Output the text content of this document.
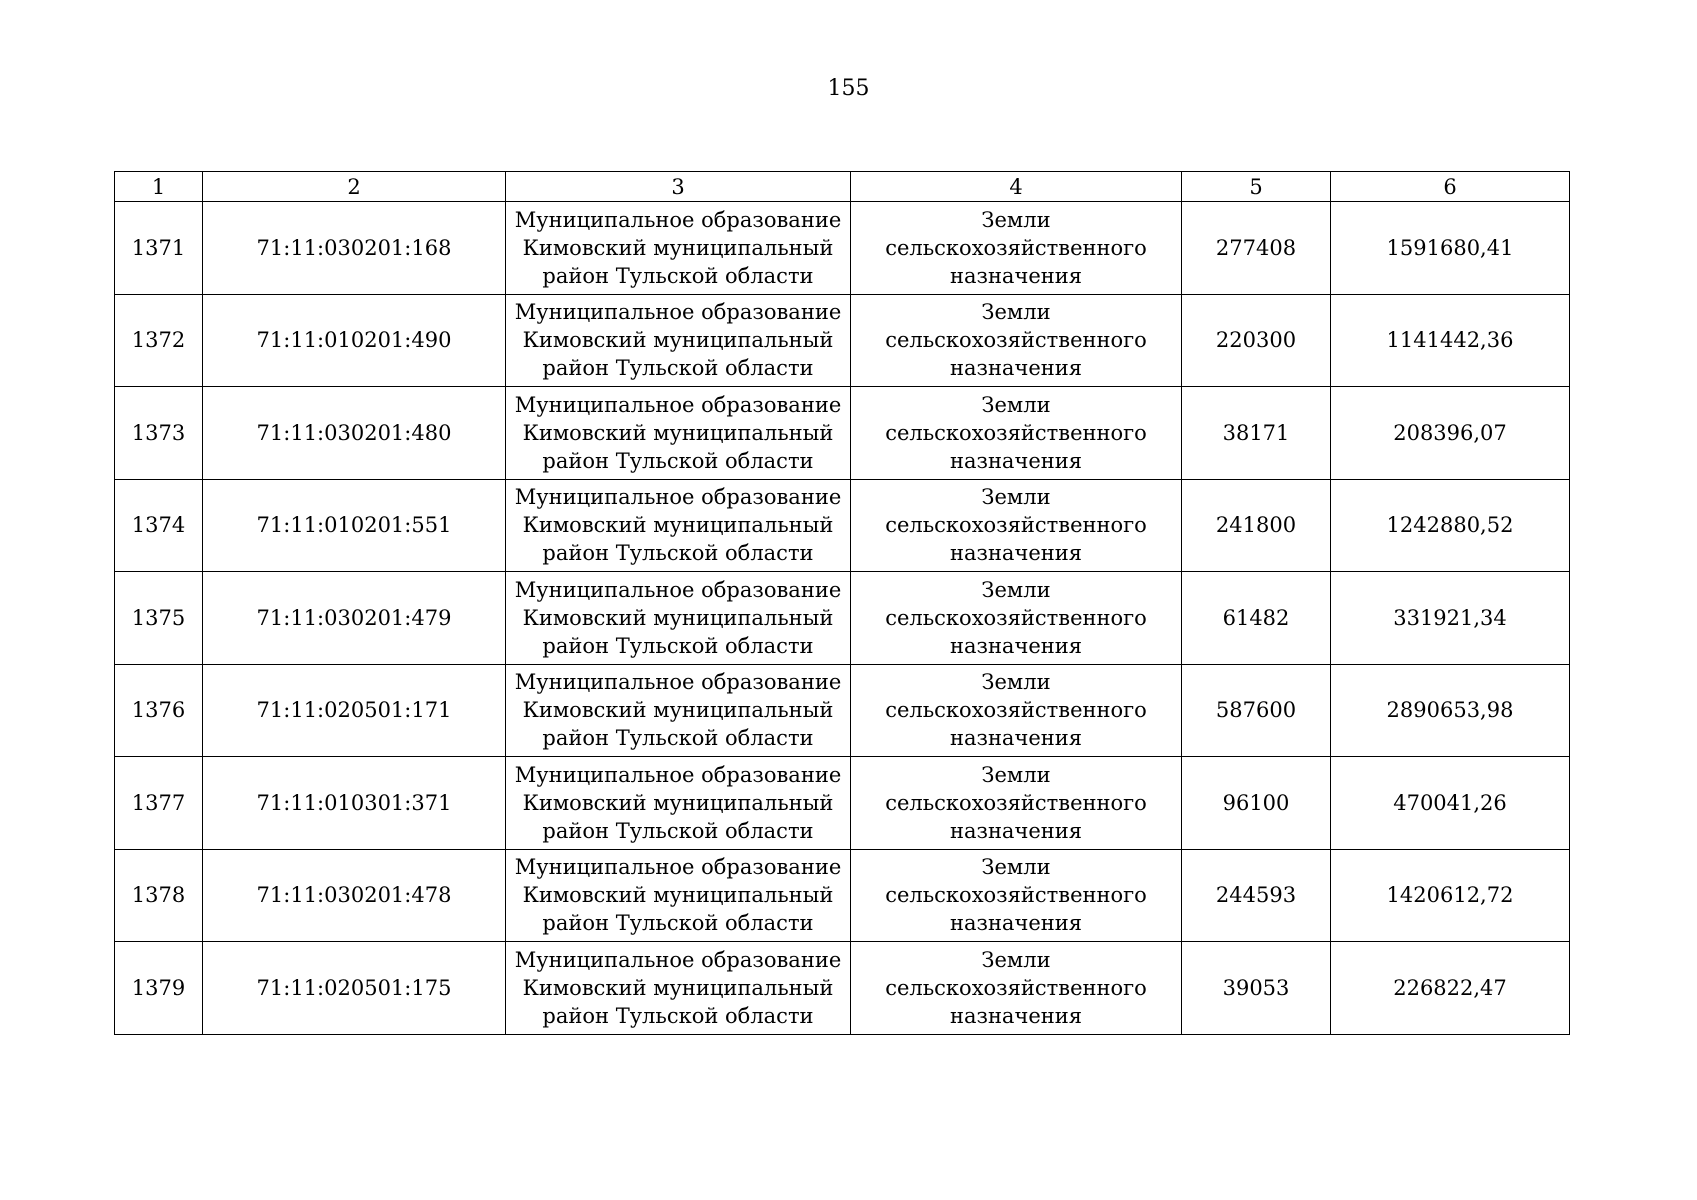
155
1	2	3	4	5	6
1371	71:11:030201:168	Муниципальное образование
Кимовский муниципальный
район Тульской области	Земли
сельскохозяйственного
назначения	277408	1591680,41
1372	71:11:010201:490	Муниципальное образование
Кимовский муниципальный
район Тульской области	Земли
сельскохозяйственного
назначения	220300	1141442,36
1373	71:11:030201:480	Муниципальное образование
Кимовский муниципальный
район Тульской области	Земли
сельскохозяйственного
назначения	38171	208396,07
1374	71:11:010201:551	Муниципальное образование
Кимовский муниципальный
район Тульской области	Земли
сельскохозяйственного
назначения	241800	1242880,52
1375	71:11:030201:479	Муниципальное образование
Кимовский муниципальный
район Тульской области	Земли
сельскохозяйственного
назначения	61482	331921,34
1376	71:11:020501:171	Муниципальное образование
Кимовский муниципальный
район Тульской области	Земли
сельскохозяйственного
назначения	587600	2890653,98
1377	71:11:010301:371	Муниципальное образование
Кимовский муниципальный
район Тульской области	Земли
сельскохозяйственного
назначения	96100	470041,26
1378	71:11:030201:478	Муниципальное образование
Кимовский муниципальный
район Тульской области	Земли
сельскохозяйственного
назначения	244593	1420612,72
1379	71:11:020501:175	Муниципальное образование
Кимовский муниципальный
район Тульской области	Земли
сельскохозяйственного
назначения	39053	226822,47
